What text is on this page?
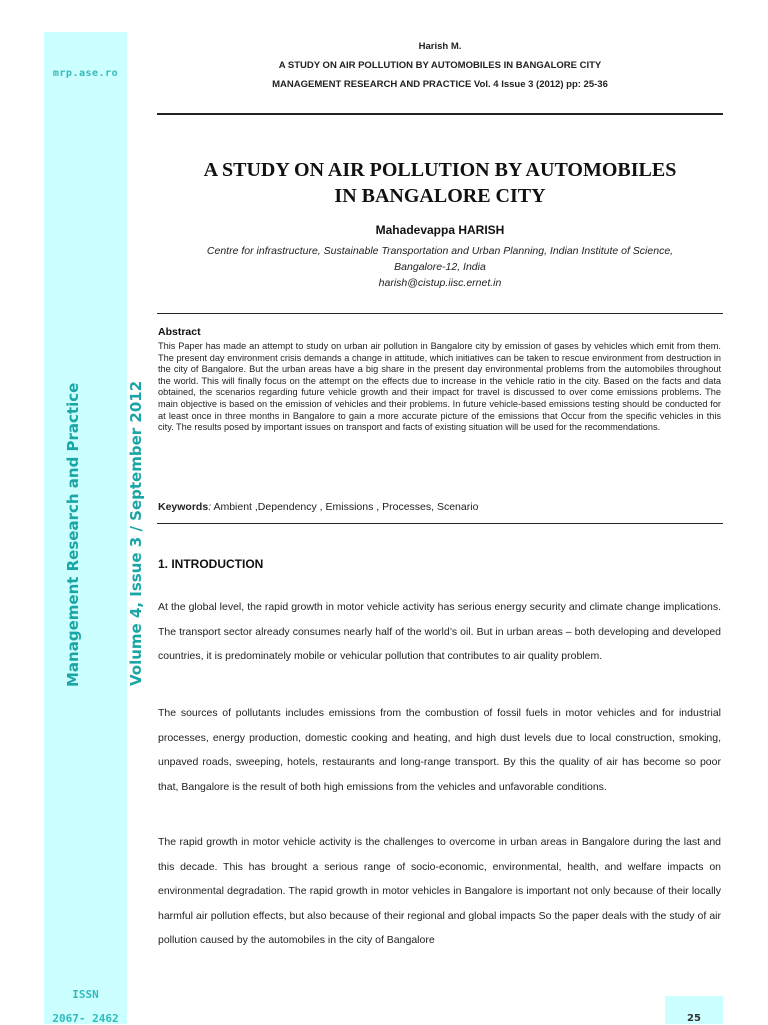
mrp.ase.ro
Management Research and Practice	Volume 4, Issue 3 / September 2012
ISSN
2067- 2462
Harish M.
A STUDY ON AIR POLLUTION BY AUTOMOBILES IN BANGALORE CITY
MANAGEMENT RESEARCH AND PRACTICE Vol. 4 Issue 3 (2012) pp: 25-36
A STUDY ON AIR POLLUTION BY AUTOMOBILES
IN BANGALORE CITY
Mahadevappa HARISH
Centre for infrastructure, Sustainable Transportation and Urban Planning, Indian Institute of Science,
Bangalore-12, India
harish@cistup.iisc.ernet.in
Abstract
This Paper has made an attempt to study on urban air pollution in Bangalore city by emission of gases by vehicles which emit from them. The present day environment crisis demands a change in attitude, which initiatives can be taken to rescue environment from destruction in the city of Bangalore. But the urban areas have a big share in the present day environmental problems from the automobiles throughout the world. This will finally focus on the attempt on the effects due to increase in the vehicle ratio in the city. Based on the facts and data obtained, the scenarios regarding future vehicle growth and their impact for travel is discussed to over come emissions problems. The main objective is based on the emission of vehicles and their problems. In future vehicle-based emissions testing should be conducted for at least once in three months in Bangalore to gain a more accurate picture of the emissions that Occur from the specific vehicles in this city. The results posed by important issues on transport and facts of existing situation will be used for the recommendations.
Keywords: Ambient ,Dependency , Emissions , Processes, Scenario
1. INTRODUCTION
At the global level, the rapid growth in motor vehicle activity has serious energy security and climate change implications. The transport sector already consumes nearly half of the world’s oil. But in urban areas – both developing and developed countries, it is predominately mobile or vehicular pollution that contributes to air quality problem.
The sources of pollutants includes emissions from the combustion of fossil fuels in motor vehicles and for industrial processes, energy production, domestic cooking and heating, and high dust levels due to local construction, smoking, unpaved roads, sweeping, hotels, restaurants and long-range transport. By this the quality of air has become so poor that, Bangalore is the result of both high emissions from the vehicles and unfavorable conditions.
The rapid growth in motor vehicle activity is the challenges to overcome in urban areas in Bangalore during the last and this decade. This has brought a serious range of socio-economic, environmental, health, and welfare impacts on environmental degradation. The rapid growth in motor vehicles in Bangalore is important not only because of their locally harmful air pollution effects, but also because of their regional and global impacts So the paper deals with the study of air pollution caused by the automobiles in the city of Bangalore
25
